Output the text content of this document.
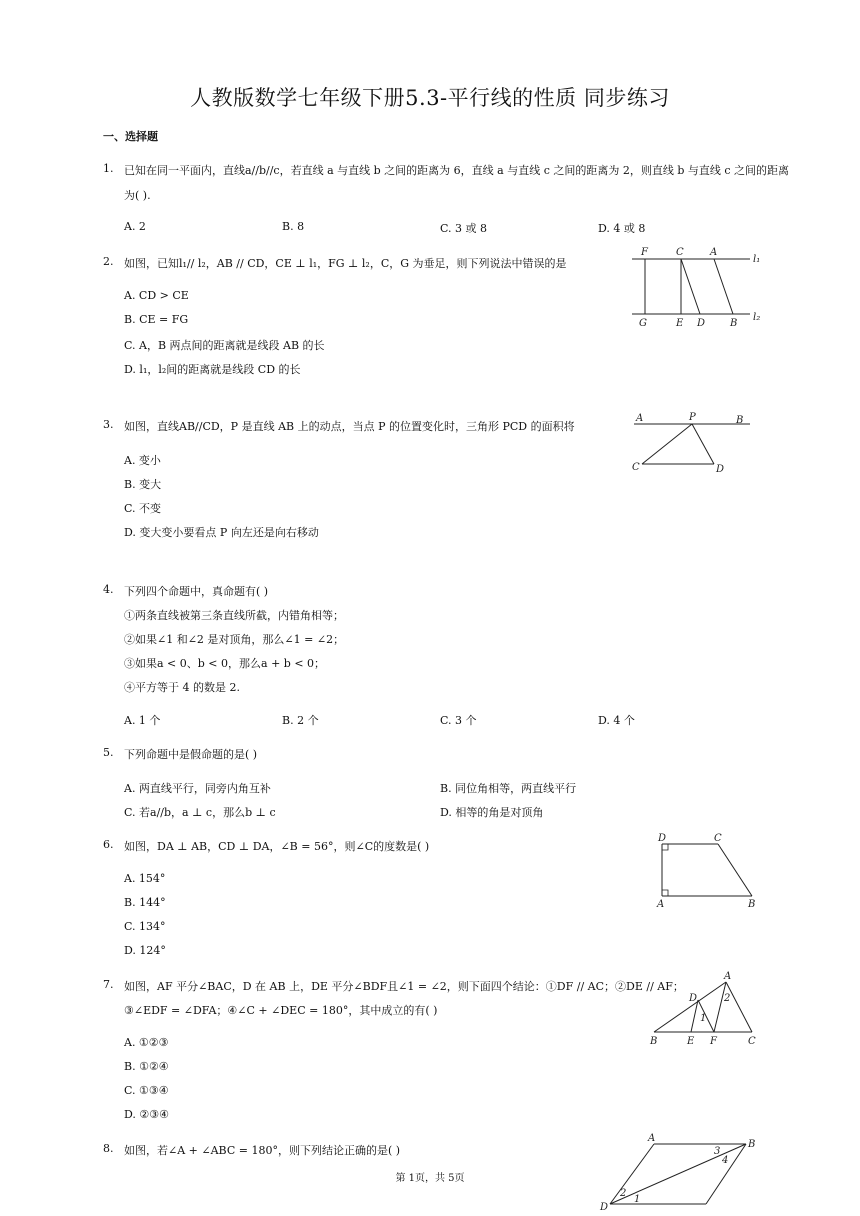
人教版数学七年级下册5.3-平行线的性质 同步练习
一、选择题
1. 已知在同一平面内，直线a//b//c，若直线 a 与直线 b 之间的距离为 6，直线 a 与直线 c 之间的距离为 2，则直线 b 与直线 c 之间的距离
为( ).
A. 2	B. 8	C. 3 或 8	D. 4 或 8
2. 如图，已知l₁// l₂，AB // CD，CE ⊥ l₁，FG ⊥ l₂，C，G 为垂足，则下列说法中错误的是
A. CD > CE
B. CE = FG
C. A，B 两点间的距离就是线段 AB 的长
D. l₁，l₂间的距离就是线段 CD 的长
F	C	A
l₁
G	E D B
l₂
3. 如图，直线AB//CD，P 是直线 AB 上的动点，当点 P 的位置变化时，三角形 PCD 的面积将
A. 变小
B. 变大
C. 不变
D. 变大变小要看点 P 向左还是向右移动
A	P	B
C	D
4. 下列四个命题中，真命题有( )
①两条直线被第三条直线所截，内错角相等；
②如果∠1 和∠2 是对顶角，那么∠1 = ∠2；
③如果a < 0、b < 0，那么a + b < 0；
④平方等于 4 的数是 2.
A. 1 个	B. 2 个	C. 3 个	D. 4 个
5. 下列命题中是假命题的是( )
A. 两直线平行，同旁内角互补	B. 同位角相等，两直线平行
C. 若a//b，a ⊥ c，那么b ⊥ c	D. 相等的角是对顶角
6. 如图，DA ⊥ AB，CD ⊥ DA，∠B = 56°，则∠C的度数是( )
A. 154°
B. 144°
C. 134°
D. 124°
D	C
A	B
7. 如图，AF 平分∠BAC，D 在 AB 上，DE 平分∠BDF且∠1 = ∠2，则下面四个结论：①DF // AC；②DE // AF；
③∠EDF = ∠DFA；④∠C + ∠DEC = 180°，其中成立的有( )
A. ①②③
B. ①②④
C. ①③④
D. ②③④
A
D	2
1
B	E F	C
8. 如图，若∠A + ∠ABC = 180°，则下列结论正确的是( )
A
B
3
4
2
1
D
第 1页，共 5页
